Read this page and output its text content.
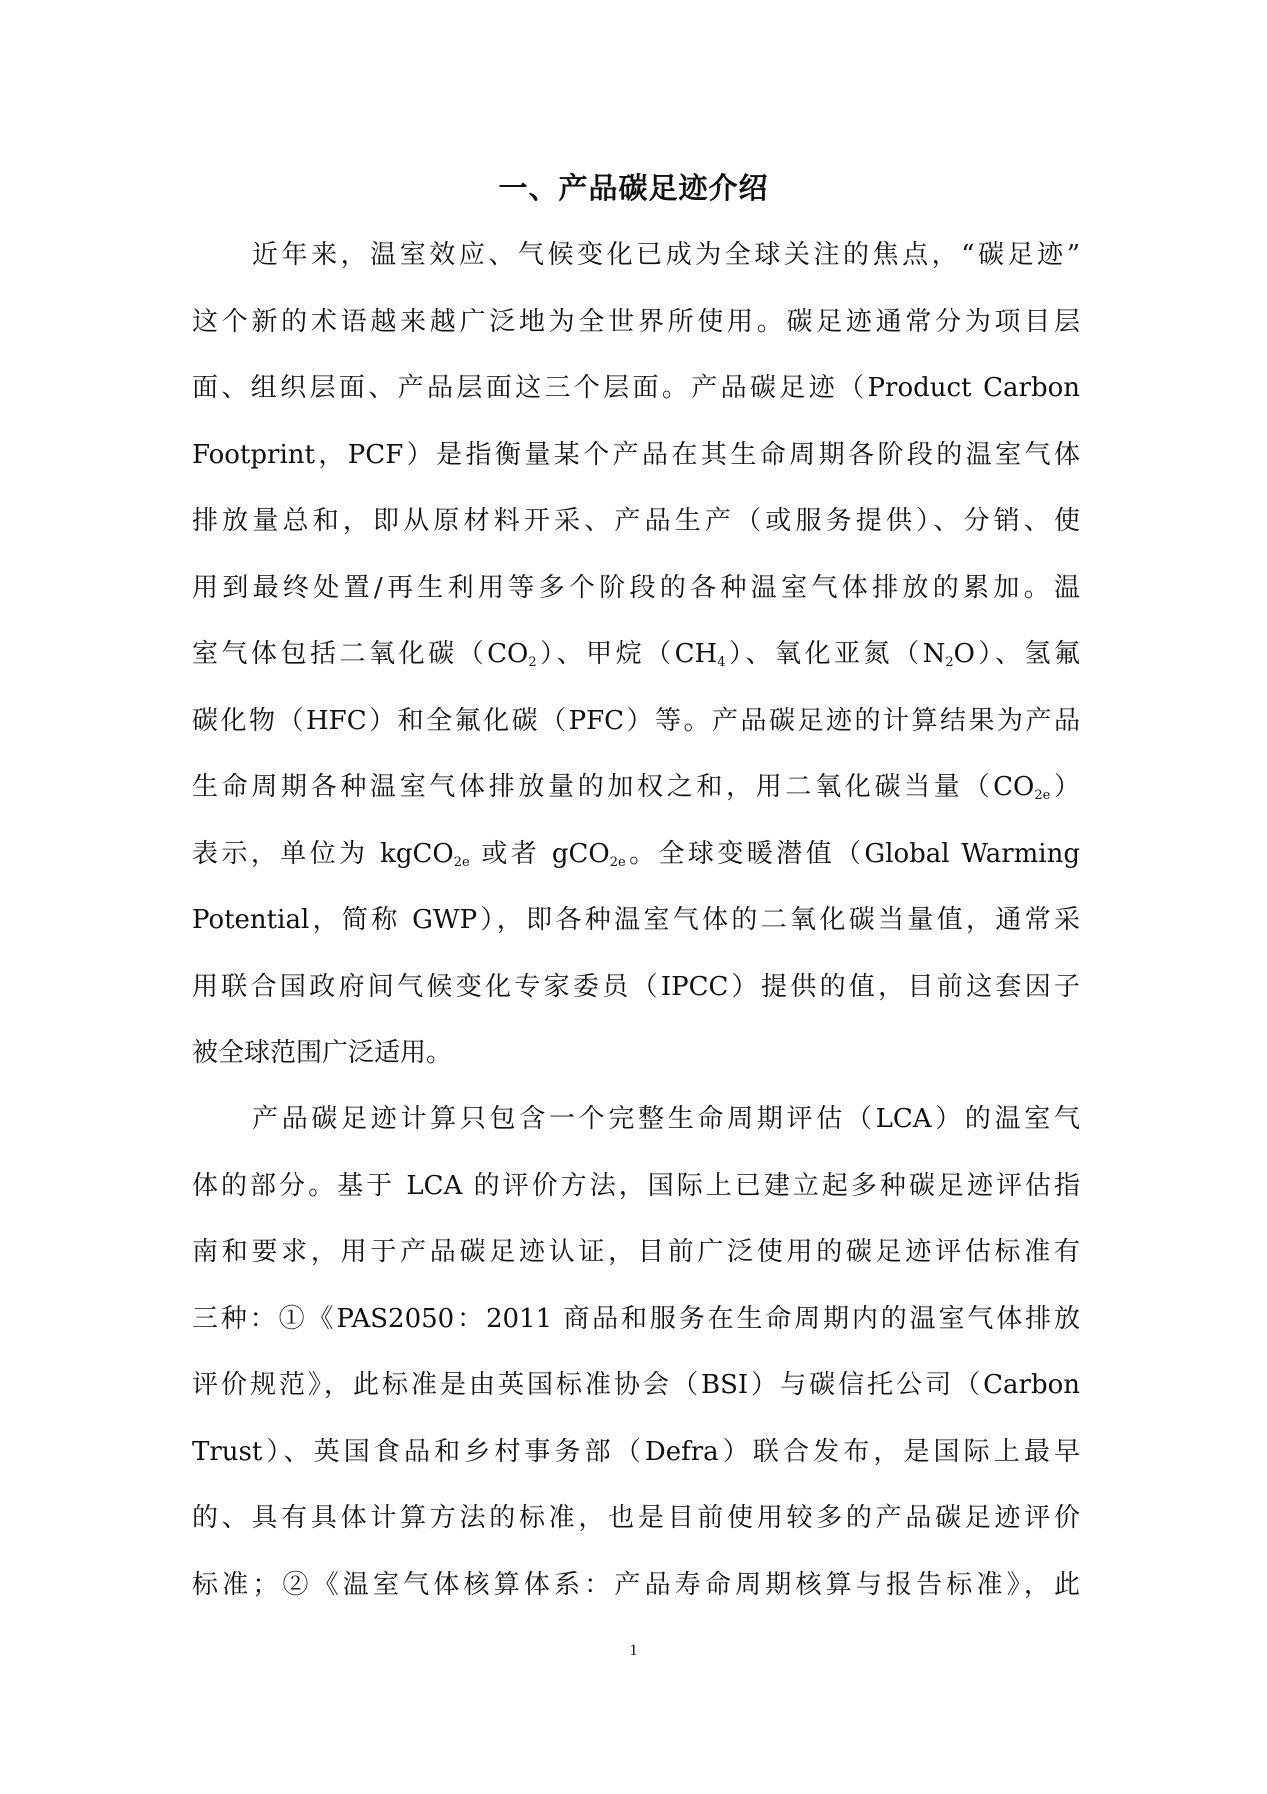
一、产品碳足迹介绍
近年来，温室效应、气候变化已成为全球关注的焦点，“碳足迹”
这个新的术语越来越广泛地为全世界所使用。碳足迹通常分为项目层
面、组织层面、产品层面这三个层面。产品碳足迹（Product Carbon
Footprint，PCF）是指衡量某个产品在其生命周期各阶段的温室气体
排放量总和，即从原材料开采、产品生产（或服务提供）、分销、使
用到最终处置/再生利用等多个阶段的各种温室气体排放的累加。温
室气体包括二氧化碳$(CO_2)$、甲烷$(CH_4)$、氧化亚氮$(N_2O)$、氢氟
碳化物（HFC）和全氟化碳（PFC）等。产品碳足迹的计算结果为产品
生命周期各种温室气体排放量的加权之和，用二氧化碳当量$(CO_{2e})$
表示，单位为 kgCO$_{2e}$ 或者 gCO$_{2e}$。全球变暖潜值（Global Warming
Potential，简称 GWP），即各种温室气体的二氧化碳当量值，通常采
用联合国政府间气候变化专家委员（IPCC）提供的值，目前这套因子
被全球范围广泛适用。
产品碳足迹计算只包含一个完整生命周期评估（LCA）的温室气
体的部分。基于 LCA 的评价方法，国际上已建立起多种碳足迹评估指
南和要求，用于产品碳足迹认证，目前广泛使用的碳足迹评估标准有
三种：①《PAS2050：2011 商品和服务在生命周期内的温室气体排放
评价规范》，此标准是由英国标准协会（BSI）与碳信托公司（Carbon
Trust）、英国食品和乡村事务部（Defra）联合发布，是国际上最早
的、具有具体计算方法的标准，也是目前使用较多的产品碳足迹评价
标准；②《温室气体核算体系：产品寿命周期核算与报告标准》，此
1
